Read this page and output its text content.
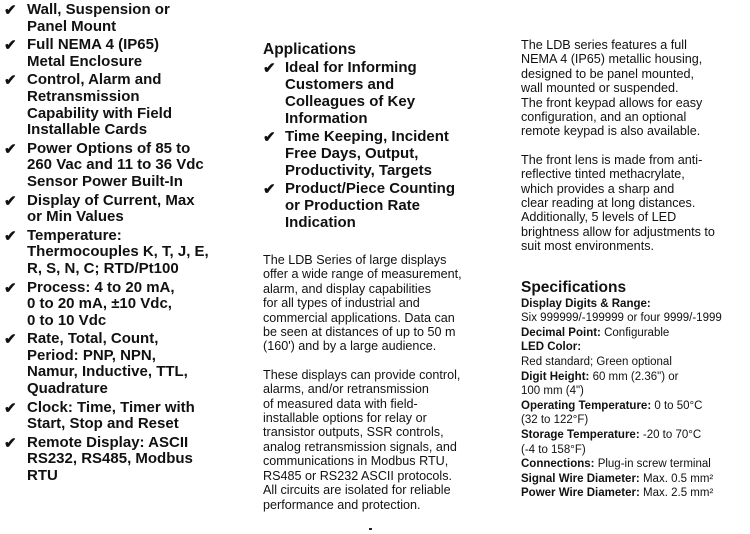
✔ Wall, Suspension or
Panel Mount
✔ Full NEMA 4 (IP65)
Metal Enclosure
✔ Control, Alarm and
Retransmission
Capability with Field
Installable Cards
✔ Power Options of 85 to
260 Vac and 11 to 36 Vdc
Sensor Power Built-In
✔ Display of Current, Max
or Min Values
✔ Temperature:
Thermocouples K, T, J, E,
R, S, N, C; RTD/Pt100
✔ Process: 4 to 20 mA,
0 to 20 mA, ±10 Vdc,
0 to 10 Vdc
✔ Rate, Total, Count,
Period: PNP, NPN,
Namur, Inductive, TTL,
Quadrature
✔ Clock: Time, Timer with
Start, Stop and Reset
✔ Remote Display: ASCII
RS232, RS485, Modbus
RTU
Applications
✔ Ideal for Informing
Customers and
Colleagues of Key
Information
✔ Time Keeping, Incident
Free Days, Output,
Productivity, Targets
✔ Product/Piece Counting
or Production Rate
Indication

The LDB Series of large displays
offer a wide range of measurement,
alarm, and display capabilities
for all types of industrial and
commercial applications. Data can
be seen at distances of up to 50 m
(160') and by a large audience.

These displays can provide control,
alarms, and/or retransmission
of measured data with field-
installable options for relay or
transistor outputs, SSR controls,
analog retransmission signals, and
communications in Modbus RTU,
RS485 or RS232 ASCII protocols.
All circuits are isolated for reliable
performance and protection.

The LDB series features a full
NEMA 4 (IP65) metallic housing,
designed to be panel mounted,
wall mounted or suspended.
The front keypad allows for easy
configuration, and an optional
remote keypad is also available.

The front lens is made from anti-
reflective tinted methacrylate,
which provides a sharp and
clear reading at long distances.
Additionally, 5 levels of LED
brightness allow for adjustments to
suit most environments.

Specifications

Display Digits & Range:
Six 999999/-199999 or four 9999/-1999

Decimal Point: Configurable

LED Color:
Red standard; Green optional

Digit Height: 60 mm (2.36") or
100 mm (4")

Operating Temperature: 0 to 50°C
(32 to 122°F)

Storage Temperature: -20 to 70°C
(-4 to 158°F)

Connections: Plug-in screw terminal

Signal Wire Diameter: Max. 0.5 mm²

Power Wire Diameter: Max. 2.5 mm²
